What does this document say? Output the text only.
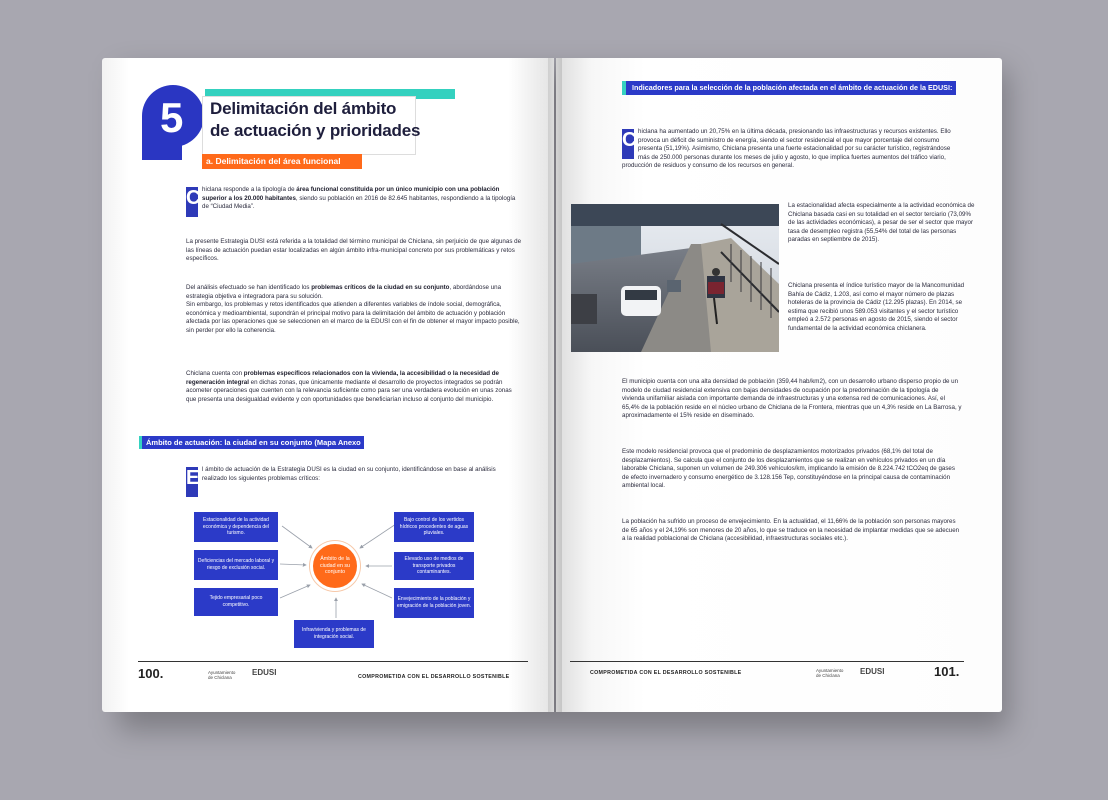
5 Delimitación del ámbito
de actuación y prioridades
a. Delimitación del área funcional
C hiclana responde a la tipología de área funcional constituida por un único municipio con una población superior a los 20.000 habitantes, siendo su población en 2016 de 82.645 habitantes, respondiendo a la tipología de “Ciudad Media”.

La presente Estrategia DUSI está referida a la totalidad del término municipal de Chiclana, sin perjuicio de que algunas de las líneas de actuación puedan estar localizadas en algún ámbito infra-municipal concreto por sus problemáticas y retos específicos.

Del análisis efectuado se han identificado los problemas críticos de la ciudad en su conjunto, abordándose una estrategia objetiva e integradora para su solución.
Sin embargo, los problemas y retos identificados que atienden a diferentes variables de índole social, demográfica, económica y medioambiental, supondrán el principal motivo para la delimitación del ámbito de actuación y población afectada por las operaciones que se seleccionen en el marco de la EDUSI con el fin de obtener el mayor impacto posible, sin perder por ello la coherencia.
Chiclana cuenta con problemas específicos relacionados con la vivienda, la accesibilidad o la necesidad de regeneración integral en dichas zonas, que únicamente mediante el desarrollo de proyectos integrados se podrán acometer operaciones que cuenten con la relevancia suficiente como para ser una verdadera evolución en unas zonas que presenta una desigualdad evidente y con oportunidades que beneficiarían incluso al conjunto del municipio.
Ámbito de actuación: la ciudad en su conjunto (Mapa Anexo I):
E l ámbito de actuación de la Estrategia DUSI es la ciudad en su conjunto, identificándose en base al análisis realizado los siguientes problemas críticos:
Estacionalidad de la actividad económica y dependencia del turismo.
Deficiencias del mercado laboral y riesgo de exclusión social.
Tejido empresarial poco competitivo.
Infravivienda y problemas de integración social.
Bajo control de los vertidos hídricos procedentes de aguas pluviales.
Elevado uso de medios de transporte privados contaminantes.
Envejecimiento de la población y emigración de la población joven.
Ámbito de la ciudad en su conjunto
100.	Ayuntamiento de Chiclana
EDUSI	COMPROMETIDA CON EL DESARROLLO SOSTENIBLE
Indicadores para la selección de la población afectada en el ámbito de actuación de la EDUSI:
C hiclana ha aumentado un 20,75% en la última década, presionando las infraestructuras y recursos existentes. Ello provoca un déficit de suministro de energía, siendo el sector residencial el que mayor porcentaje del consumo presenta (51,19%). Asimismo, Chiclana presenta una fuerte estacionalidad por su carácter turístico, registrándose más de 250.000 personas durante los meses de julio y agosto, lo que implica fuertes aumentos del tráfico viario, producción de residuos y consumo de los recursos en general.

La estacionalidad afecta especialmente a la actividad económica de Chiclana basada casi en su totalidad en el sector terciario (73,09% de las actividades económicas), a pesar de ser el sector que mayor tasa de desempleo registra (55,54% del total de las personas paradas en septiembre de 2015).

Chiclana presenta el índice turístico mayor de la Mancomunidad Bahía de Cádiz, 1.203, así como el mayor número de plazas hoteleras de la provincia de Cádiz (12.295 plazas). En 2014, se estima que recibió unos 589.053 visitantes y el sector turístico empleó a 2.572 personas en agosto de 2015, siendo el sector fundamental de la actividad económica chiclanera.

El municipio cuenta con una alta densidad de población (359,44 hab/km2), con un desarrollo urbano disperso propio de un modelo de ciudad residencial extensiva con bajas densidades de ocupación por la predominación de la tipología de vivienda unifamiliar aislada con importante demanda de infraestructuras y una extensa red de comunicaciones. Así, el 65,4% de la población reside en el núcleo urbano de Chiclana de la Frontera, mientras que un 4,3% reside en La Barrosa, y aproximadamente el 15% reside en diseminado.

Este modelo residencial provoca que el predominio de desplazamientos motorizados privados (68,1% del total de desplazamientos). Se calcula que el conjunto de los desplazamientos que se realizan en vehículos privados en un día laborable Chiclana, suponen un volumen de 249.306 vehículos/km, implicando la emisión de 8.224.742 tCO2eq de gases de efecto invernadero y consumo energético de 3.128.156 Tep, constituyéndose en la principal causa de contaminación ambiental local.

La población ha sufrido un proceso de envejecimiento. En la actualidad, el 11,66% de la población son personas mayores de 65 años y el 24,19% son menores de 20 años, lo que se traduce en la necesidad de implantar medidas que se adecuen a la realidad poblacional de Chiclana (accesibilidad, infraestructuras sociales etc.).

COMPROMETIDA CON EL DESARROLLO SOSTENIBLE	Ayuntamiento de Chiclana	EDUSI	101.
